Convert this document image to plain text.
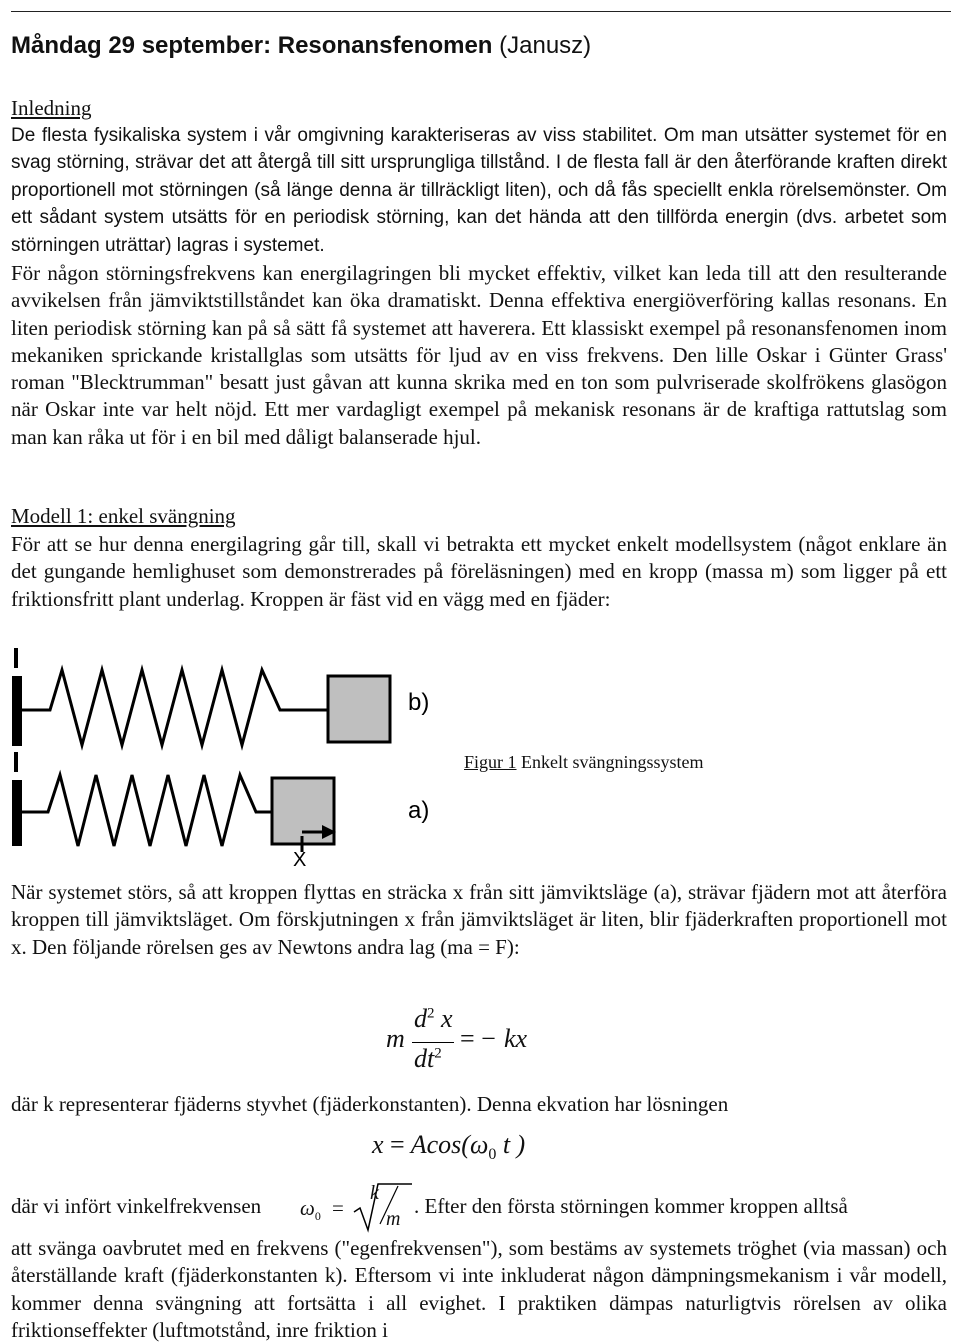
Måndag 29 september: Resonansfenomen (Janusz)
Inledning

De flesta fysikaliska system i vår omgivning karakteriseras av viss stabilitet. Om man utsätter systemet för en svag störning, strävar det att återgå till sitt ursprungliga tillstånd. I de flesta fall är den återförande kraften direkt proportionell mot störningen (så länge denna är tillräckligt liten), och då fås speciellt enkla rörelsemönster. Om ett sådant system utsätts för en periodisk störning, kan det hända att den tillförda energin (dvs. arbetet som störningen uträttar) lagras i systemet.

För någon störningsfrekvens kan energilagringen bli mycket effektiv, vilket kan leda till att den resulterande avvikelsen från jämviktstillståndet kan öka dramatiskt. Denna effektiva energiöverföring kallas resonans. En liten periodisk störning kan på så sätt få systemet att haverera. Ett klassiskt exempel på resonansfenomen inom mekaniken sprickande kristallglas som utsätts för ljud av en viss frekvens. Den lille Oskar i Günter Grass' roman "Blecktrumman" besatt just gåvan att kunna skrika med en ton som pulvriserade skolfrökens glasögon när Oskar inte var helt nöjd. Ett mer vardagligt exempel på mekanisk resonans är de kraftiga rattutslag som man kan råka ut för i en bil med dåligt balanserade hjul.

Modell 1: enkel svängning

För att se hur denna energilagring går till, skall vi betrakta ett mycket enkelt modellsystem (något enklare än det gungande hemlighuset som demonstrerades på föreläsningen) med en kropp (massa m) som ligger på ett friktionsfritt plant underlag. Kroppen är fäst vid en vägg med en fjäder:

b)
a)
X
Figur 1 Enkelt svängningssystem

När systemet störs, så att kroppen flyttas en sträcka x från sitt jämviktsläge (a), strävar fjädern mot att återföra kroppen till jämviktsläget. Om förskjutningen x från jämviktsläget är liten, blir fjäderkraften proportionell mot x. Den följande rörelsen ges av Newtons andra lag (ma = F):

m
$d^2$ x
$dt^2$
= − kx
där k representerar fjäderns styvhet (fjäderkonstanten). Denna ekvation har lösningen
$x = Acos(\omega_0$ t )
där vi infört vinkelfrekvensen $\omega_0$ =
k
m
. Efter den första störningen kommer kroppen alltså

att svänga oavbrutet med en frekvens ("egenfrekvensen"), som bestäms av systemets tröghet (via massan) och återställande kraft (fjäderkonstanten k). Eftersom vi inte inkluderat någon dämpningsmekanism i vår modell, kommer denna svängning att fortsätta i all evighet. I praktiken dämpas naturligtvis rörelsen av olika friktionseffekter (luftmotstånd, inre friktion i
